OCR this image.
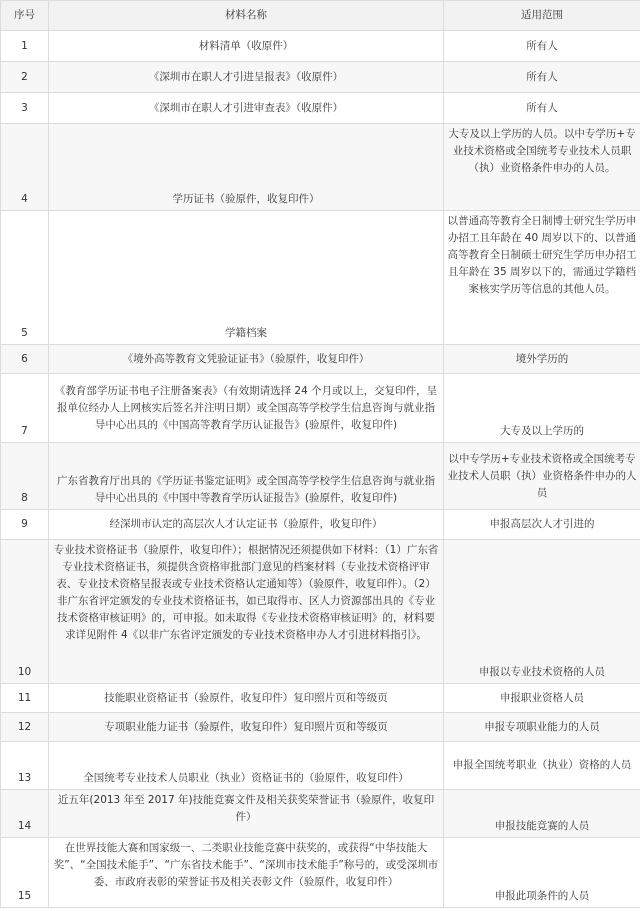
序号	材料名称	适用范围
1	材料清单（收原件）	所有人
2	《深圳市在职人才引进呈报表》（收原件）	所有人
3	《深圳市在职人才引进审查表》（收原件）	所有人
4	学历证书（验原件，收复印件）	大专及以上学历的人员。以中专学历+专业技术资格或全国统考专业技术人员职（执）业资格条件申办的人员。
5	学籍档案	以普通高等教育全日制博士研究生学历申办招工且年龄在 40 周岁以下的、以普通高等教育全日制硕士研究生学历申办招工且年龄在 35 周岁以下的，需通过学籍档案核实学历等信息的其他人员。
6	《境外高等教育文凭验证证书》（验原件，收复印件）	境外学历的
7	《教育部学历证书电子注册备案表》（有效期请选择 24 个月或以上，交复印件，呈报单位经办人上网核实后签名并注明日期）或全国高等学校学生信息咨询与就业指导中心出具的《中国高等教育学历认证报告》(验原件，收复印件)	大专及以上学历的
8	广东省教育厅出具的《学历证书鉴定证明》或全国高等学校学生信息咨询与就业指导中心出具的《中国中等教育学历认证报告》(验原件，收复印件)	以中专学历+专业技术资格或全国统考专业技术人员职（执）业资格条件申办的人员
9	经深圳市认定的高层次人才认定证书（验原件，收复印件）	申报高层次人才引进的
10	专业技术资格证书（验原件，收复印件）；根据情况还须提供如下材料：（1）广东省专业技术资格证书，须提供含资格审批部门意见的档案材料（专业技术资格评审表、专业技术资格呈报表或专业技术资格认定通知等）（验原件，收复印件）。（2）非广东省评定颁发的专业技术资格证书，如已取得市、区人力资源部出具的《专业技术资格审核证明》的，可申报。如未取得《专业技术资格审核证明》的，材料要求详见附件 4《以非广东省评定颁发的专业技术资格申办人才引进材料指引》。	申报以专业技术资格的人员
11	技能职业资格证书（验原件，收复印件）复印照片页和等级页	申报职业资格人员
12	专项职业能力证书（验原件，收复印件）复印照片页和等级页	申报专项职业能力的人员
13	全国统考专业技术人员职业（执业）资格证书的（验原件，收复印件）	申报全国统考职业（执业）资格的人员
14	近五年(2013 年至 2017 年)技能竞赛文件及相关获奖荣誉证书（验原件，收复印件）	申报技能竞赛的人员
15	在世界技能大赛和国家级一、二类职业技能竞赛中获奖的，或获得“中华技能大奖”、“全国技术能手”、“广东省技术能手”、“深圳市技术能手”称号的，或受深圳市委、市政府表彰的荣誉证书及相关表彰文件（验原件，收复印件）	申报此项条件的人员
